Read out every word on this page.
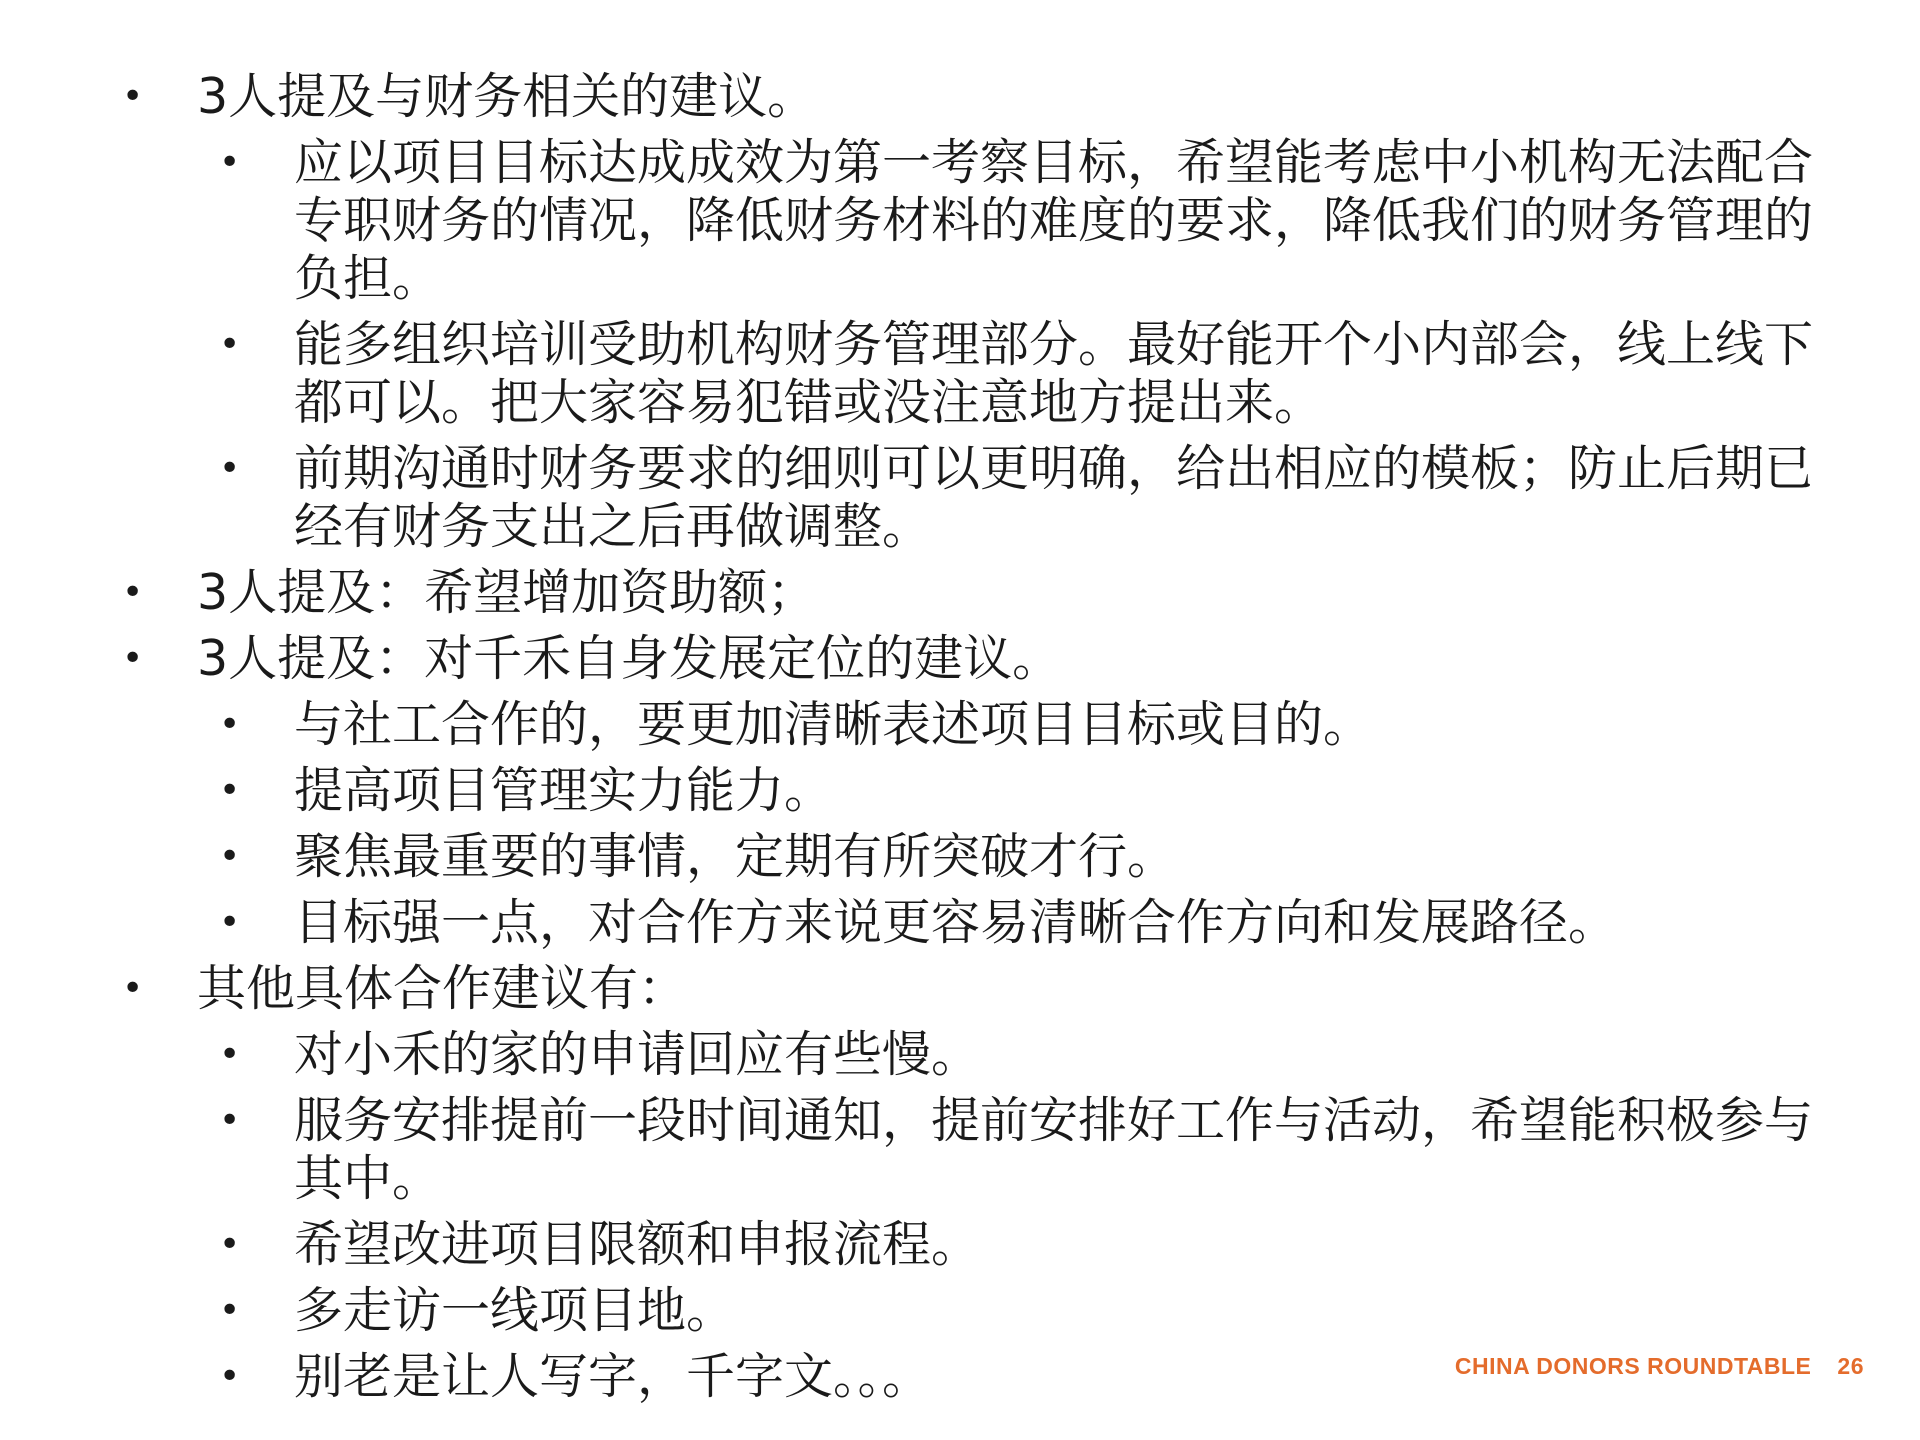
• 3人提及与财务相关的建议。
• 应以项目目标达成成效为第一考察目标，希望能考虑中小机构无法配合专职财务的情况，降低财务材料的难度的要求，降低我们的财务管理的负担。
• 能多组织培训受助机构财务管理部分。最好能开个小内部会，线上线下都可以。把大家容易犯错或没注意地方提出来。
• 前期沟通时财务要求的细则可以更明确，给出相应的模板；防止后期已经有财务支出之后再做调整。
• 3人提及：希望增加资助额；
• 3人提及：对千禾自身发展定位的建议。
• 与社工合作的，要更加清晰表述项目目标或目的。
• 提高项目管理实力能力。
• 聚焦最重要的事情，定期有所突破才行。
• 目标强一点，对合作方来说更容易清晰合作方向和发展路径。
• 其他具体合作建议有：
• 对小禾的家的申请回应有些慢。
• 服务安排提前一段时间通知，提前安排好工作与活动，希望能积极参与其中。
• 希望改进项目限额和申报流程。
• 多走访一线项目地。
• 别老是让人写字，千字文。。。	CHINA DONORS ROUNDTABLE 26
